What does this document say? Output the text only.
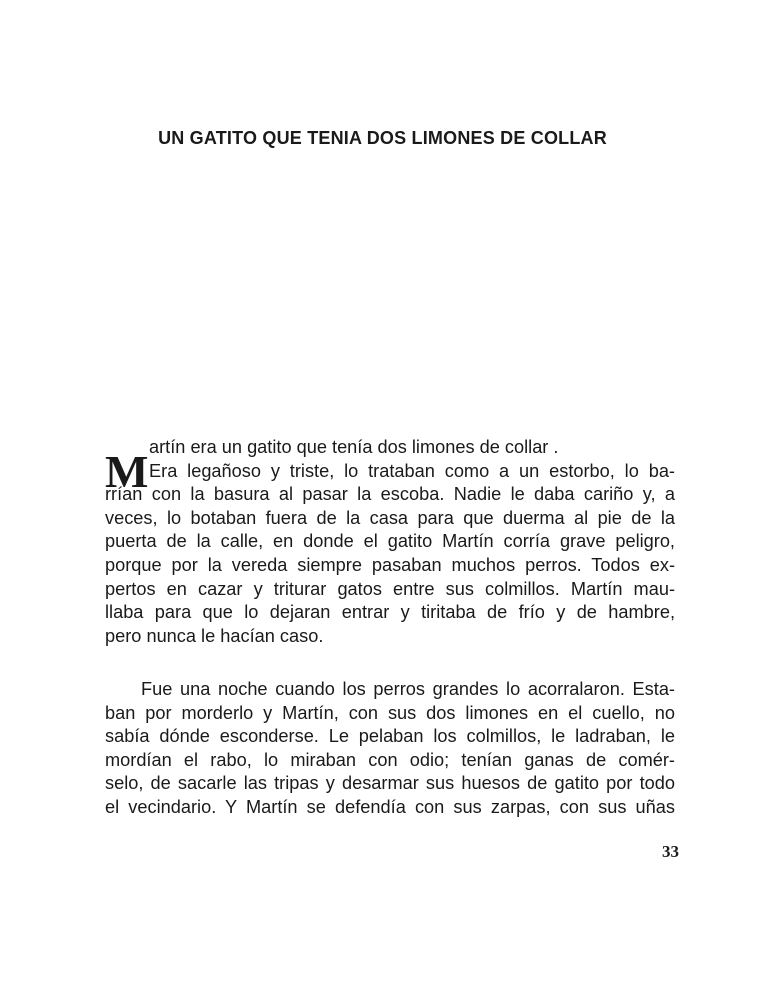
UN GATITO QUE TENIA DOS LIMONES DE COLLAR
M artín era un gatito que tenía dos limones de collar .
Era legañoso y triste, lo trataban como a un estorbo, lo ba-
rrían con la basura al pasar la escoba. Nadie le daba cariño y, a
veces, lo botaban fuera de la casa para que duerma al pie de la
puerta de la calle, en donde el gatito Martín corría grave peligro,
porque por la vereda siempre pasaban muchos perros. Todos ex-
pertos en cazar y triturar gatos entre sus colmillos. Martín mau-
llaba para que lo dejaran entrar y tiritaba de frío y de hambre,
pero nunca le hacían caso.

Fue una noche cuando los perros grandes lo acorralaron. Esta-
ban por morderlo y Martín, con sus dos limones en el cuello, no
sabía dónde esconderse. Le pelaban los colmillos, le ladraban, le
mordían el rabo, lo miraban con odio; tenían ganas de comér-
selo, de sacarle las tripas y desarmar sus huesos de gatito por todo
el vecindario. Y Martín se defendía con sus zarpas, con sus uñas

33
